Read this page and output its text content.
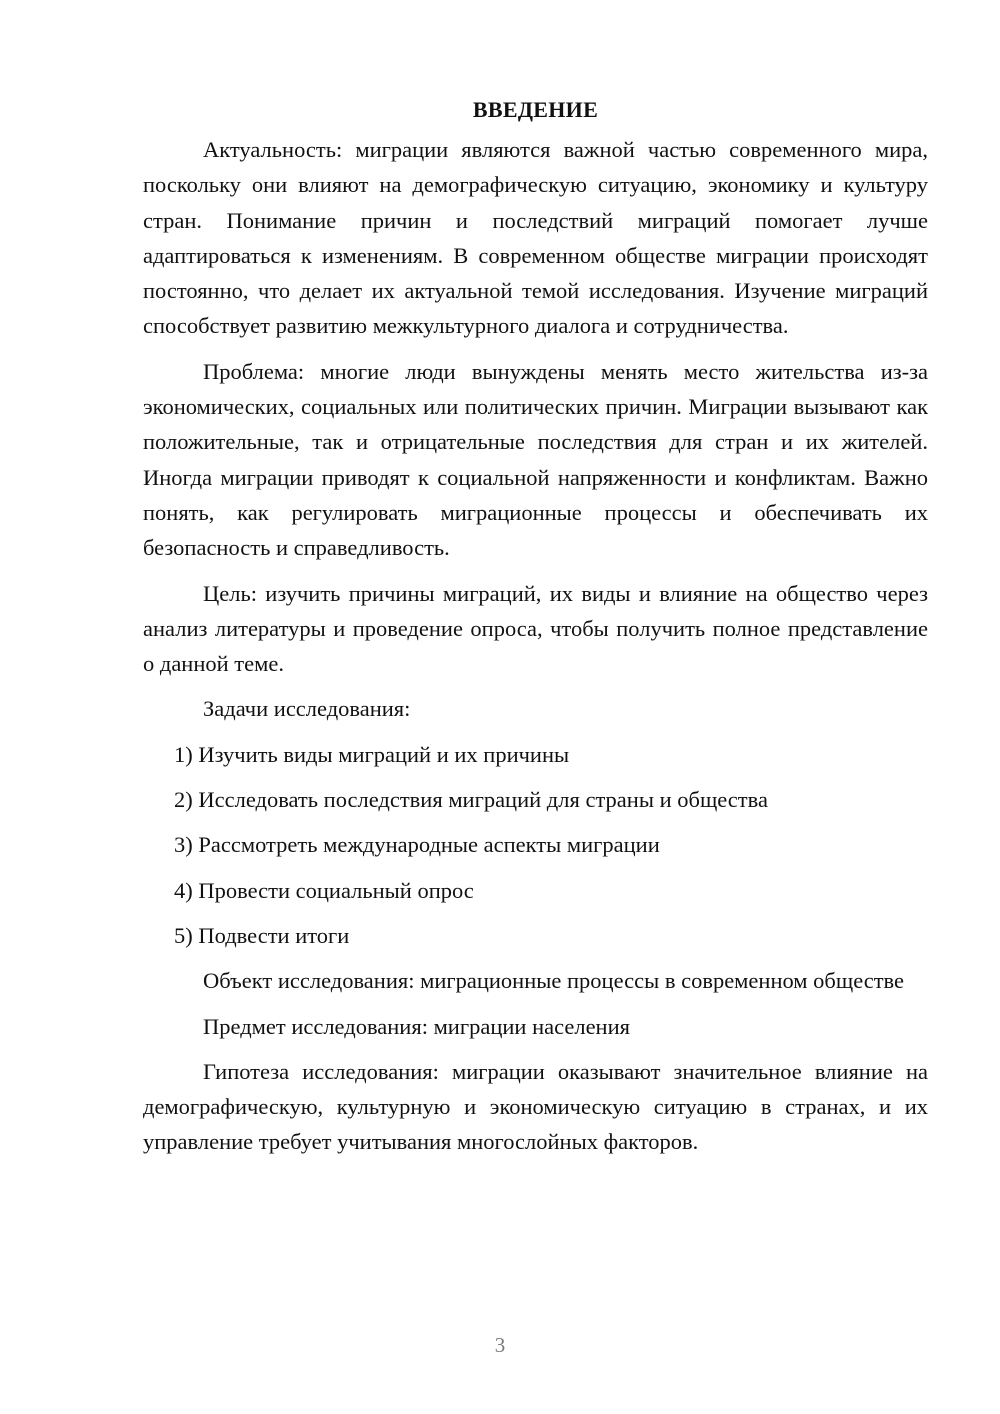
ВВЕДЕНИЕ

Актуальность: миграции являются важной частью современного мира, поскольку они влияют на демографическую ситуацию, экономику и культуру стран. Понимание причин и последствий миграций помогает лучше адаптироваться к изменениям. В современном обществе миграции происходят постоянно, что делает их актуальной темой исследования. Изучение миграций способствует развитию межкультурного диалога и сотрудничества.

Проблема: многие люди вынуждены менять место жительства из-за экономических, социальных или политических причин. Миграции вызывают как положительные, так и отрицательные последствия для стран и их жителей. Иногда миграции приводят к социальной напряженности и конфликтам. Важно понять, как регулировать миграционные процессы и обеспечивать их безопасность и справедливость.

Цель: изучить причины миграций, их виды и влияние на общество через анализ литературы и проведение опроса, чтобы получить полное представление о данной теме.

Задачи исследования:

1) Изучить виды миграций и их причины
2) Исследовать последствия миграций для страны и общества
3) Рассмотреть международные аспекты миграции
4) Провести социальный опрос
5) Подвести итоги

Объект исследования: миграционные процессы в современном обществе

Предмет исследования: миграции населения

Гипотеза исследования: миграции оказывают значительное влияние на демографическую, культурную и экономическую ситуацию в странах, и их управление требует учитывания многослойных факторов.

3
